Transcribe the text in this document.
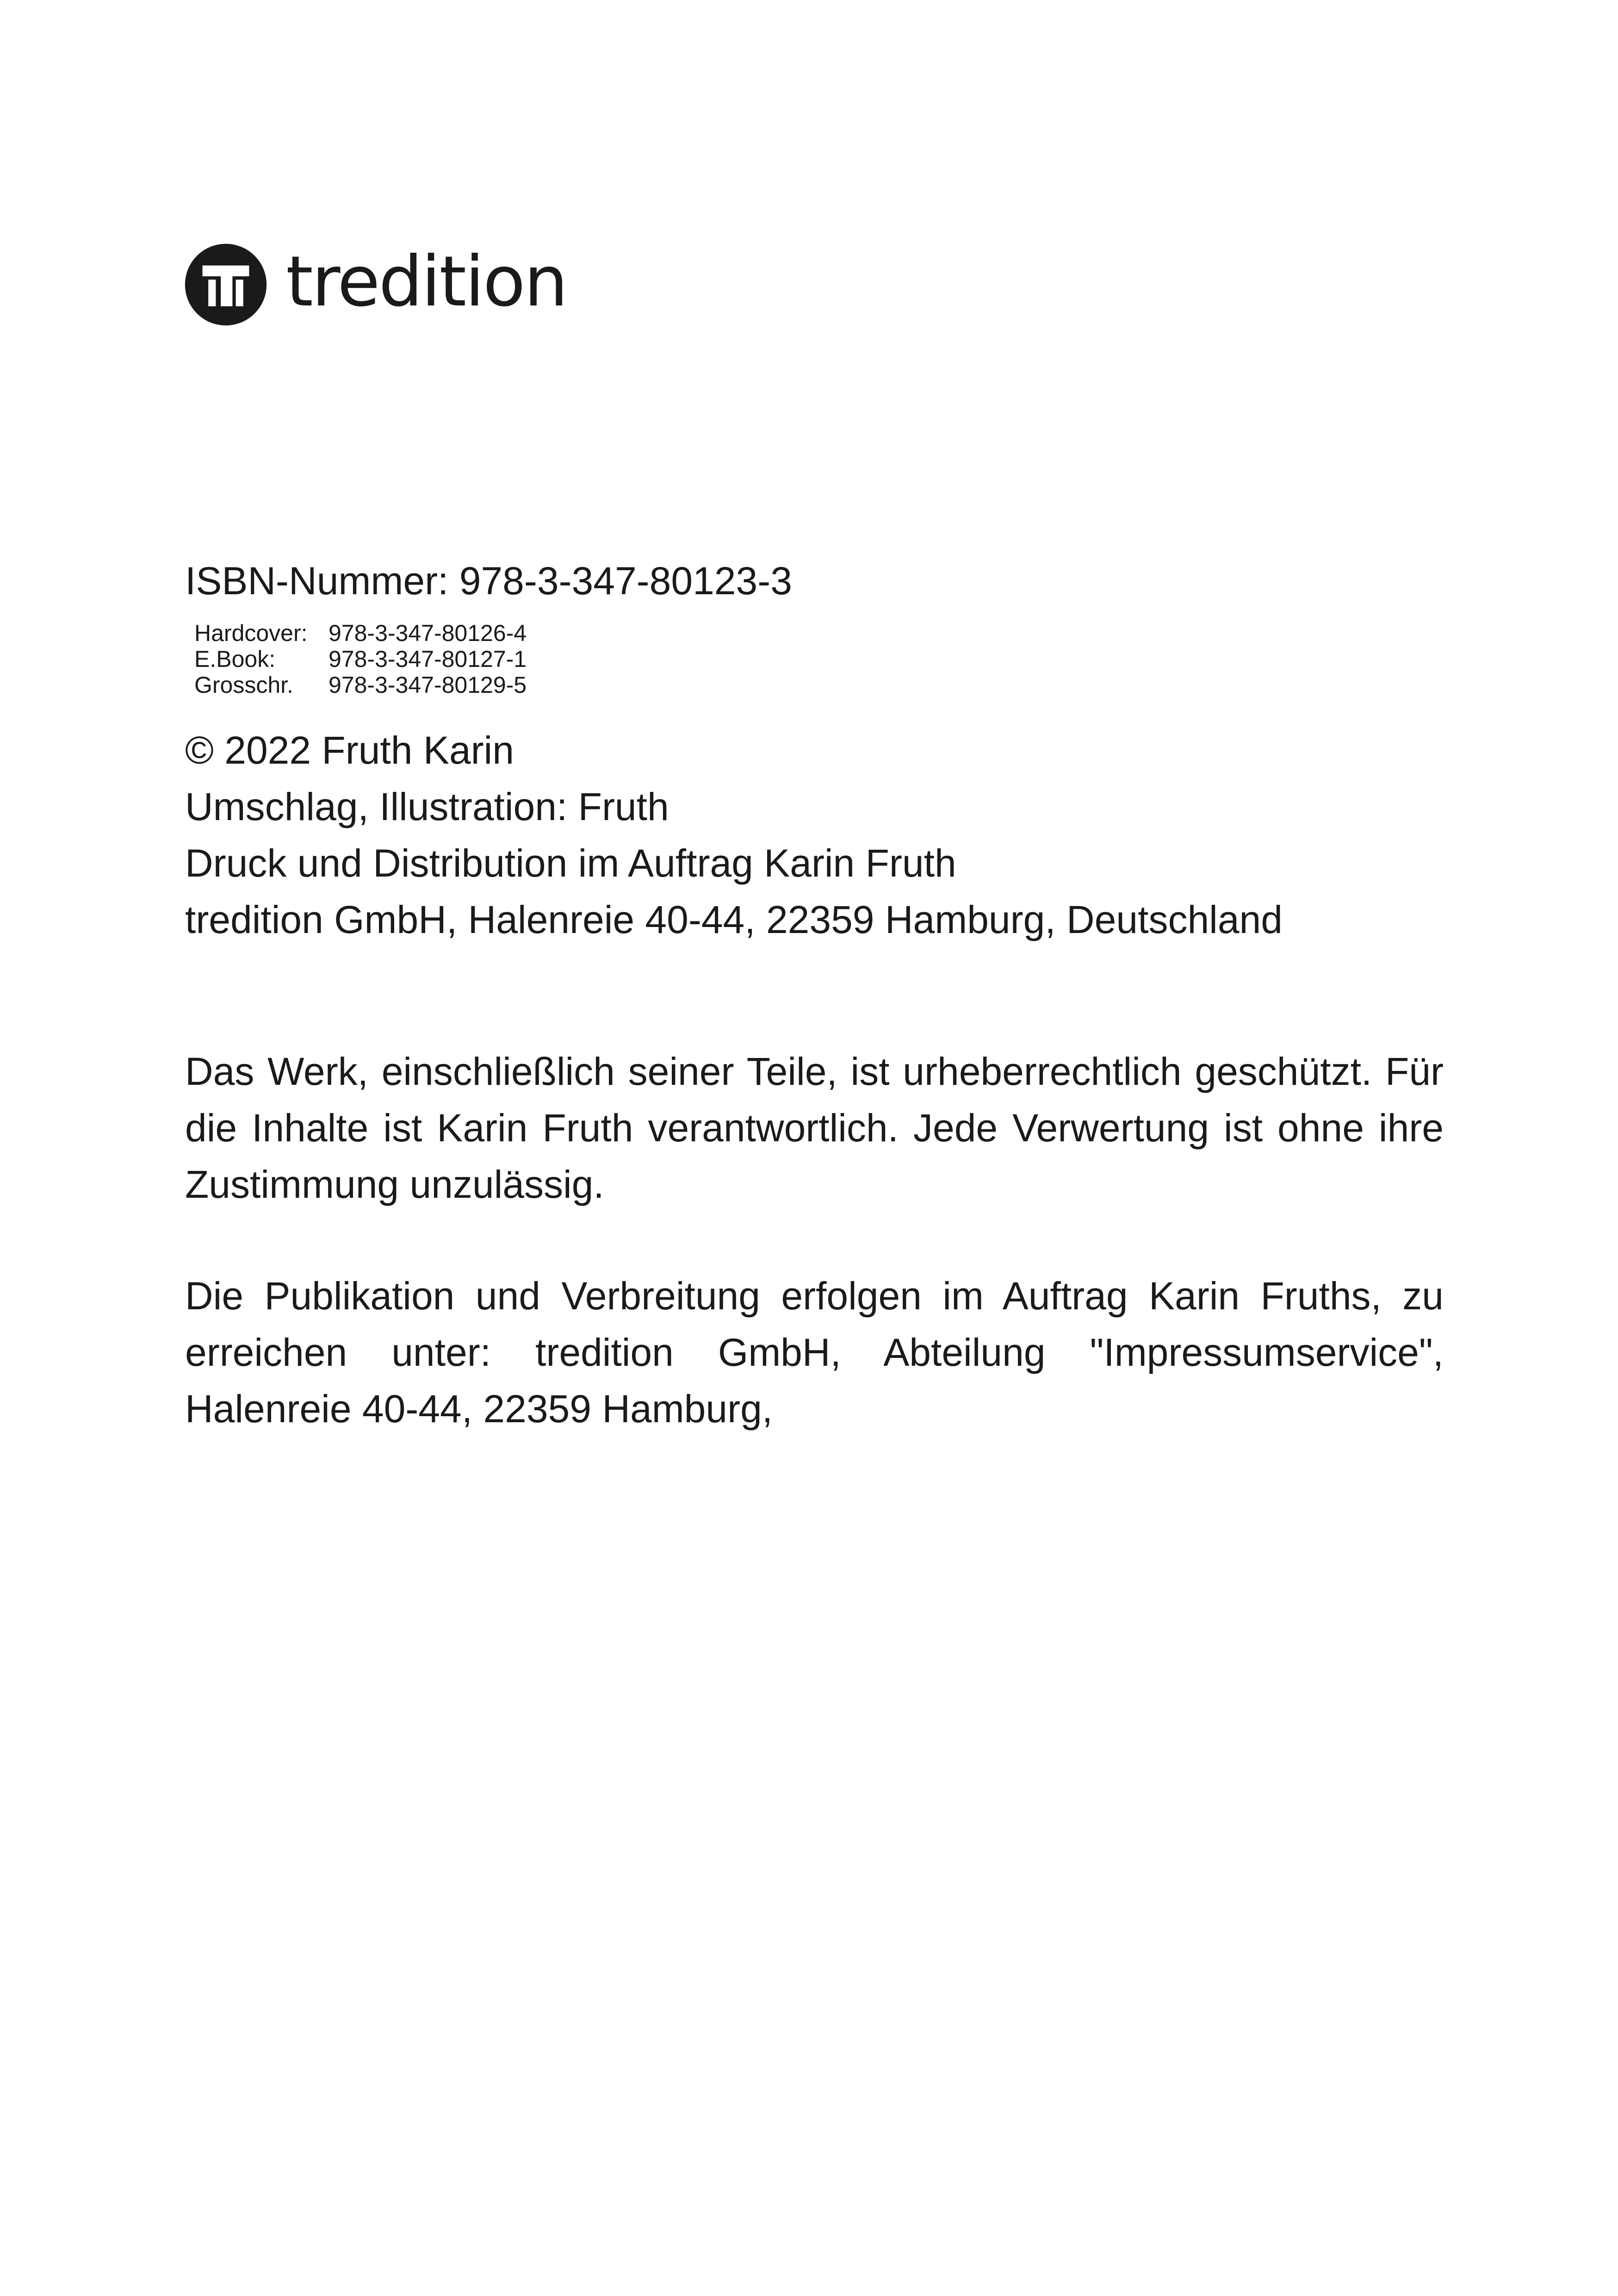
tredition
ISBN-Nummer: 978-3-347-80123-3
Hardcover: 978-3-347-80126-4
E.Book:	978-3-347-80127-1
Grosschr.	978-3-347-80129-5
© 2022 Fruth Karin
Umschlag, Illustration: Fruth
Druck und Distribution im Auftrag Karin Fruth
tredition GmbH, Halenreie 40-44, 22359 Hamburg, Deutschland

Das Werk, einschließlich seiner Teile, ist urheberrechtlich geschützt. Für die Inhalte ist Karin Fruth verantwortlich. Jede Verwertung ist ohne ihre Zustimmung unzulässig.

Die Publikation und Verbreitung erfolgen im Auftrag Karin Fruths, zu erreichen unter: tredition GmbH, Abteilung "Impressumservice", Halenreie 40-44, 22359 Hamburg,
